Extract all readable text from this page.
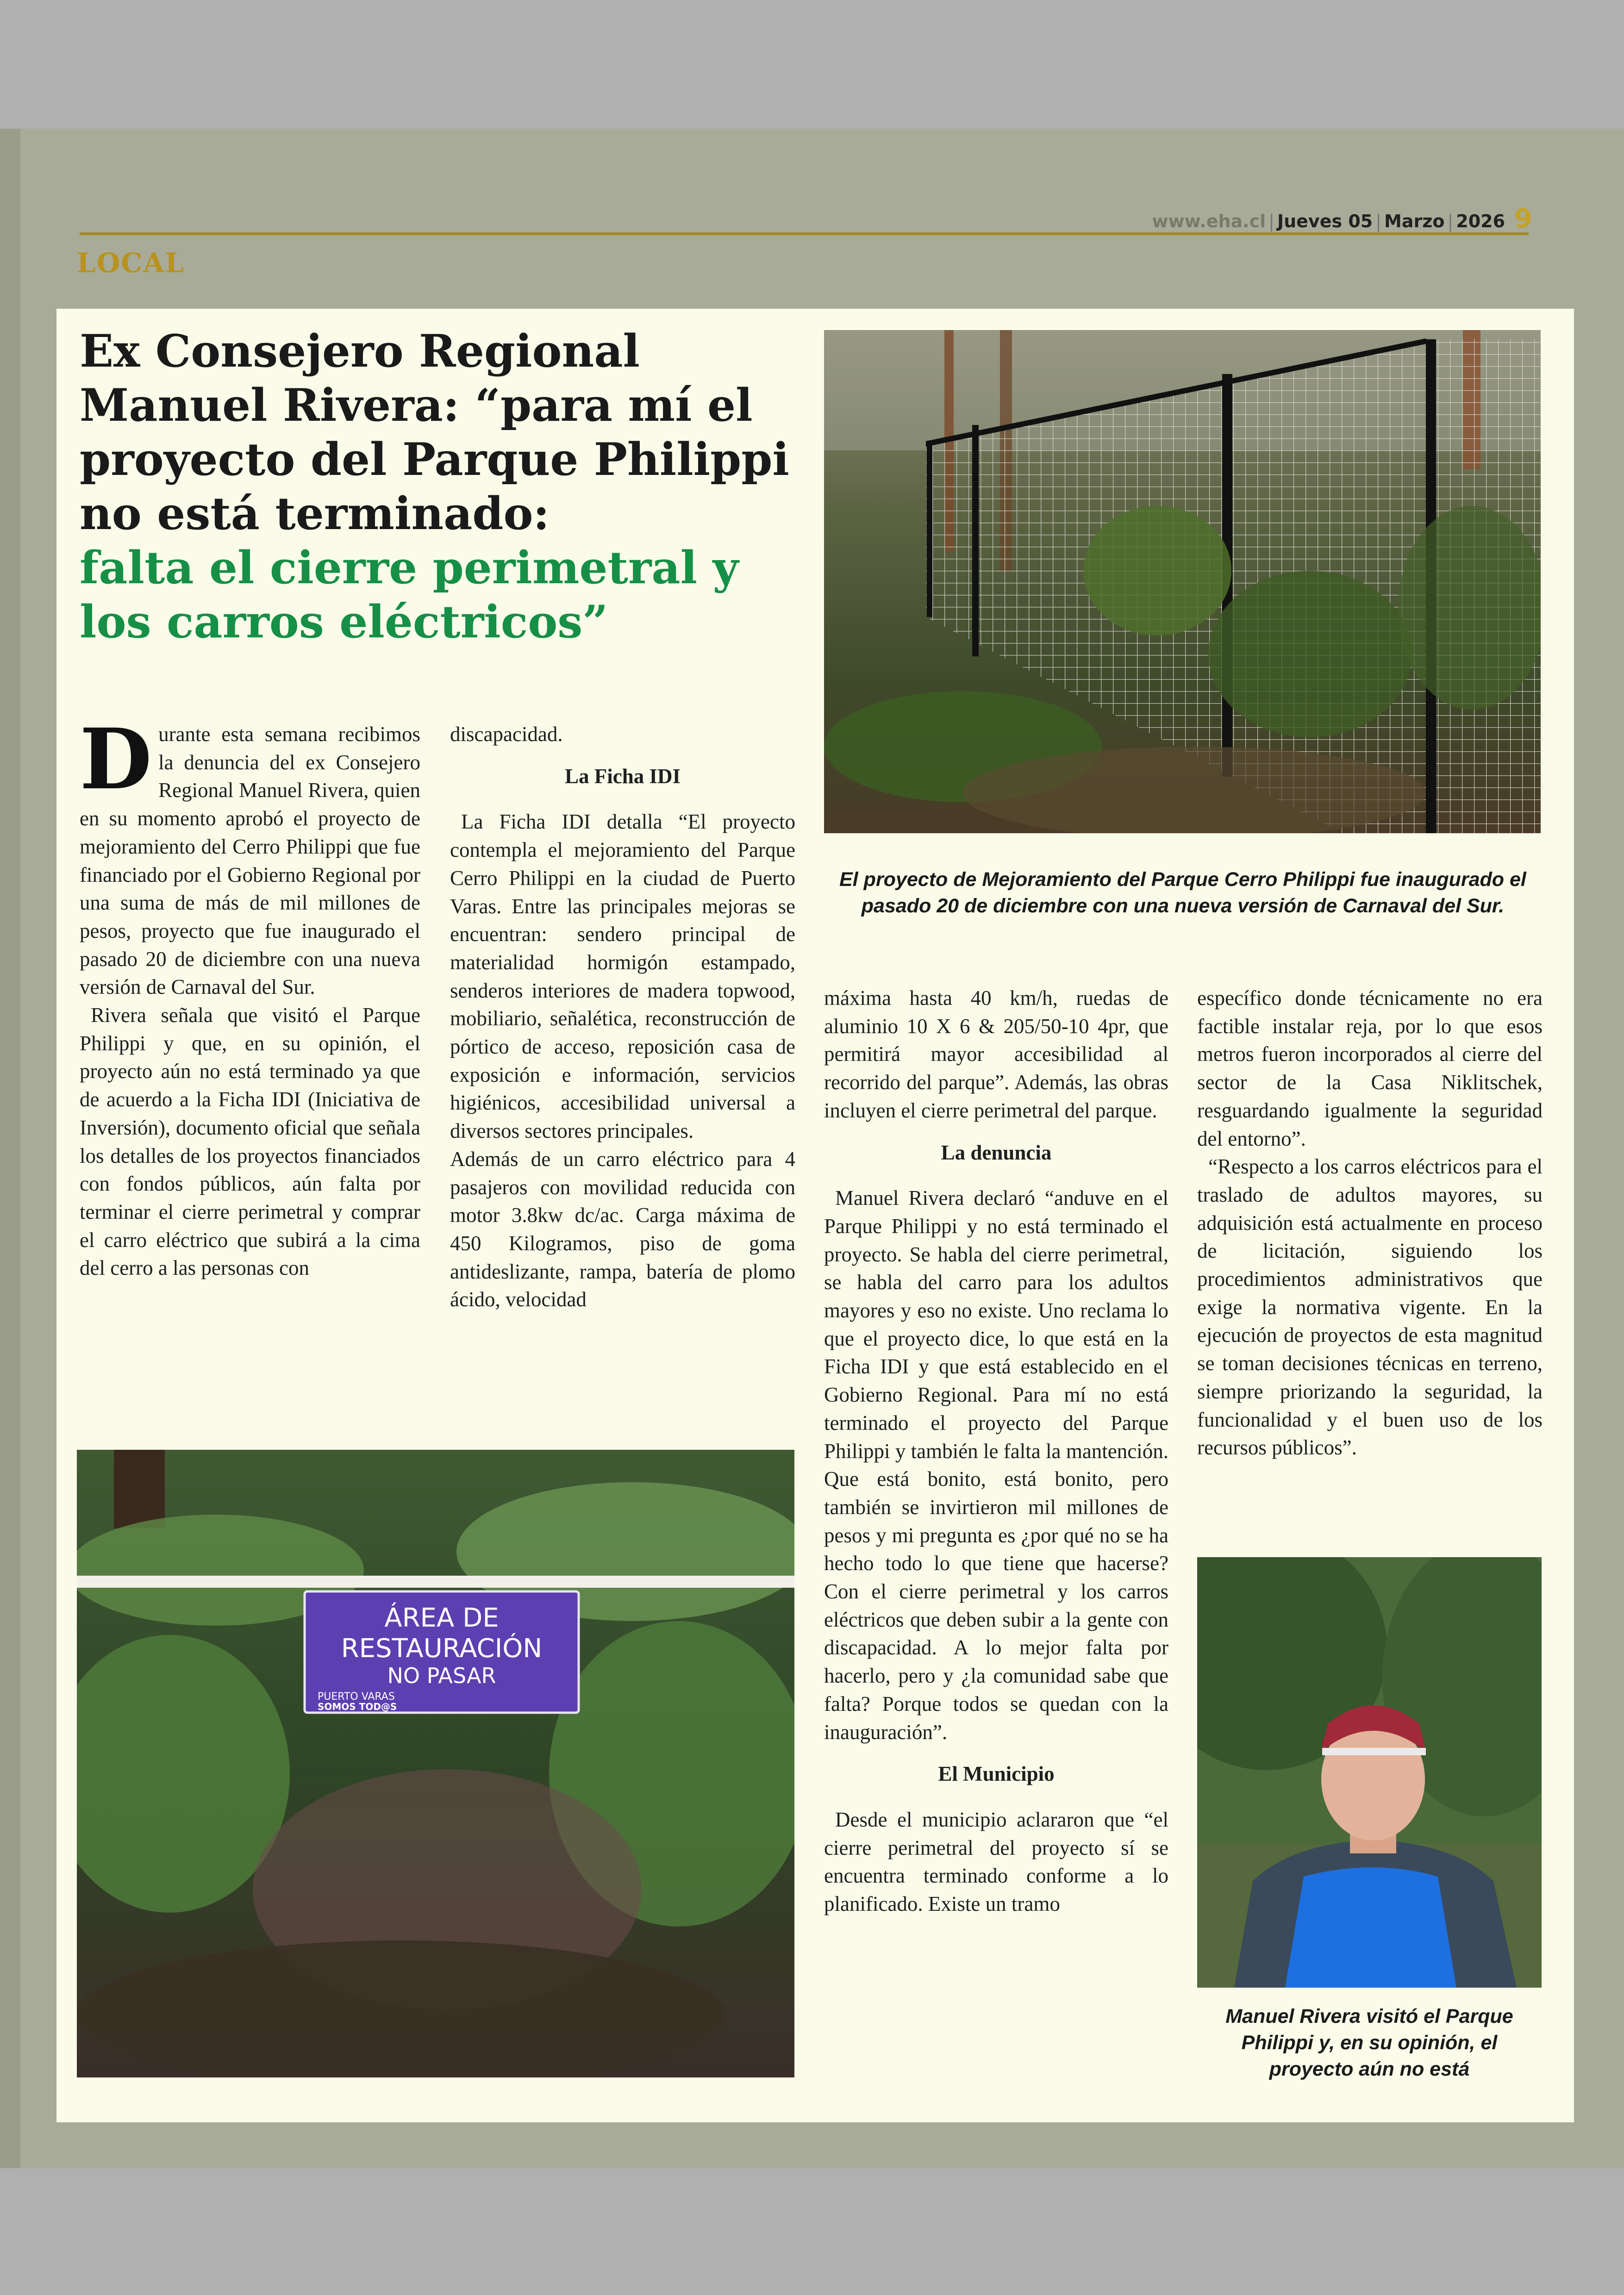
www.eha.cl | Jueves 05 | Marzo | 2026 9
LOCAL
Ex Consejero Regional Manuel Rivera: “para mí el proyecto del Parque Philippi no está terminado:
falta el cierre perimetral y los carros eléctricos”
El proyecto de Mejoramiento del Parque Cerro Philippi fue inaugurado el pasado 20 de diciembre con una nueva versión de Carnaval del Sur.
D urante esta semana recibimos la denuncia del ex Consejero Regional Manuel Rivera, quien en su momento aprobó el proyecto de mejoramiento del Cerro Philippi que fue financiado por el Gobierno Regional por una suma de más de mil millones de pesos, proyecto que fue inaugurado el pasado 20 de diciembre con una nueva versión de Carnaval del Sur.

Rivera señala que visitó el Parque Philippi y que, en su opinión, el proyecto aún no está terminado ya que de acuerdo a la Ficha IDI (Iniciativa de Inversión), documento oficial que señala los detalles de los proyectos financiados con fondos públicos, aún falta por terminar el cierre perimetral y comprar el carro eléctrico que subirá a la cima del cerro a las personas con

discapacidad.

La Ficha IDI

La Ficha IDI detalla “El proyecto contempla el mejoramiento del Parque Cerro Philippi en la ciudad de Puerto Varas. Entre las principales mejoras se encuentran: sendero principal de materialidad hormigón estampado, senderos interiores de madera topwood, mobiliario, señalética, reconstrucción de pórtico de acceso, reposición casa de exposición e información, servicios higiénicos, accesibilidad universal a diversos sectores principales.

Además de un carro eléctrico para 4 pasajeros con movilidad reducida con motor 3.8kw dc/ac. Carga máxima de 450 Kilogramos, piso de goma antideslizante, rampa, batería de plomo ácido, velocidad

máxima hasta 40 km/h, ruedas de aluminio 10 X 6 & 205/50-10 4pr, que permitirá mayor accesibilidad al recorrido del parque”. Además, las obras incluyen el cierre perimetral del parque.

La denuncia

Manuel Rivera declaró “anduve en el Parque Philippi y no está terminado el proyecto. Se habla del cierre perimetral, se habla del carro para los adultos mayores y eso no existe. Uno reclama lo que el proyecto dice, lo que está en la Ficha IDI y que está establecido en el Gobierno Regional. Para mí no está terminado el proyecto del Parque Philippi y también le falta la mantención. Que está bonito, está bonito, pero también se invirtieron mil millones de pesos y mi pregunta es ¿por qué no se ha hecho todo lo que tiene que hacerse? Con el cierre perimetral y los carros eléctricos que deben subir a la gente con discapacidad. A lo mejor falta por hacerlo, pero y ¿la comunidad sabe que falta? Porque todos se quedan con la inauguración”.

El Municipio

Desde el municipio aclararon que “el cierre perimetral del proyecto sí se encuentra terminado conforme a lo planificado. Existe un tramo

específico donde técnicamente no era factible instalar reja, por lo que esos metros fueron incorporados al cierre del sector de la Casa Niklitschek, resguardando igualmente la seguridad del entorno”.

“Respecto a los carros eléctricos para el traslado de adultos mayores, su adquisición está actualmente en proceso de licitación, siguiendo los procedimientos administrativos que exige la normativa vigente. En la ejecución de proyectos de esta magnitud se toman decisiones técnicas en terreno, siempre priorizando la seguridad, la funcionalidad y el buen uso de los recursos públicos”.

ÁREA DE
RESTAURACIÓN
NO PASAR
PUERTO VARAS
SOMOS TOD@S
Manuel Rivera visitó el Parque Philippi y, en su opinión, el proyecto aún no está
